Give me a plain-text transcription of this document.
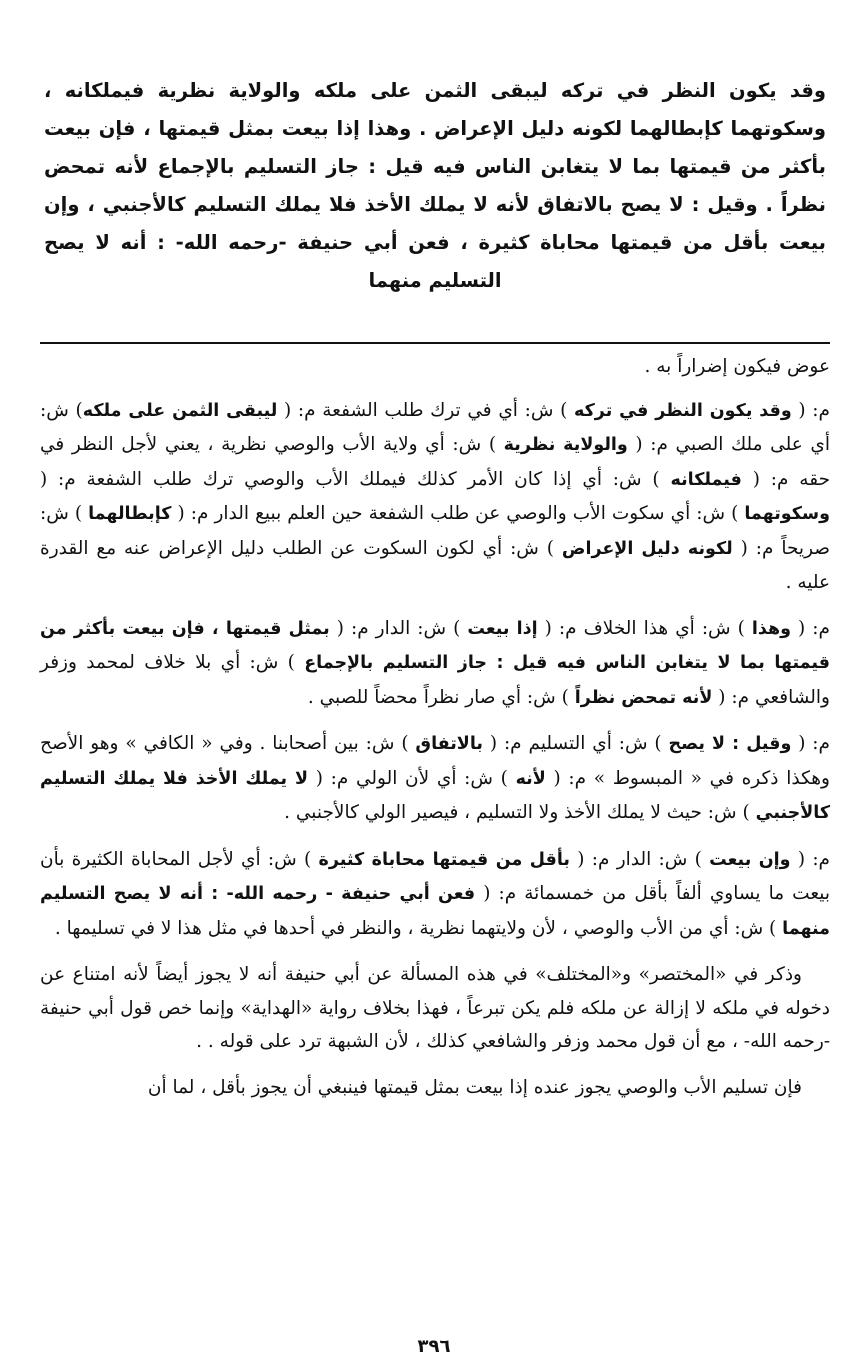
وقد يكون النظر في تركه ليبقى الثمن على ملكه والولاية نظرية فيملكانه ، وسكوتهما كإبطالهما لكونه دليل الإعراض . وهذا إذا بيعت بمثل قيمتها ، فإن بيعت بأكثر من قيمتها بما لا يتغابن الناس فيه قيل : جاز التسليم بالإجماع لأنه تمحض نظراً . وقيل : لا يصح بالاتفاق لأنه لا يملك الأخذ فلا يملك التسليم كالأجنبي ، وإن بيعت بأقل من قيمتها محاباة كثيرة ، فعن أبي حنيفة -رحمه الله- : أنه لا يصح التسليم منهما

عوض فيكون إضراراً به .

م: ( وقد يكون النظر في تركه ) ش: أي في ترك طلب الشفعة م: ( ليبقى الثمن على ملكه) ش: أي على ملك الصبي م: ( والولاية نظرية ) ش: أي ولاية الأب والوصي نظرية ، يعني لأجل النظر في حقه م: ( فيملكانه ) ش: أي إذا كان الأمر كذلك فيملك الأب والوصي ترك طلب الشفعة م: ( وسكوتهما ) ش: أي سكوت الأب والوصي عن طلب الشفعة حين العلم ببيع الدار م: ( كإبطالهما ) ش: صريحاً م: ( لكونه دليل الإعراض ) ش: أي لكون السكوت عن الطلب دليل الإعراض عنه مع القدرة عليه .

م: ( وهذا ) ش: أي هذا الخلاف م: ( إذا بيعت ) ش: الدار م: ( بمثل قيمتها ، فإن بيعت بأكثر من قيمتها بما لا يتغابن الناس فيه قيل : جاز التسليم بالإجماع ) ش: أي بلا خلاف لمحمد وزفر والشافعي م: ( لأنه تمحض نظراً ) ش: أي صار نظراً محضاً للصبي .

م: ( وقيل : لا يصح ) ش: أي التسليم م: ( بالاتفاق ) ش: بين أصحابنا . وفي « الكافي » وهو الأصح وهكذا ذكره في « المبسوط » م: ( لأنه ) ش: أي لأن الولي م: ( لا يملك الأخذ فلا يملك التسليم كالأجنبي ) ش: حيث لا يملك الأخذ ولا التسليم ، فيصير الولي كالأجنبي .

م: ( وإن بيعت ) ش: الدار م: ( بأقل من قيمتها محاباة كثيرة ) ش: أي لأجل المحاباة الكثيرة بأن بيعت ما يساوي ألفاً بأقل من خمسمائة م: ( فعن أبي حنيفة - رحمه الله- : أنه لا يصح التسليم منهما ) ش: أي من الأب والوصي ، لأن ولايتهما نظرية ، والنظر في أحدها في مثل هذا لا في تسليمها .

وذكر في «المختصر» و«المختلف» في هذه المسألة عن أبي حنيفة أنه لا يجوز أيضاً لأنه امتناع عن دخوله في ملكه لا إزالة عن ملكه فلم يكن تبرعاً ، فهذا بخلاف رواية «الهداية» وإنما خص قول أبي حنيفة -رحمه الله- ، مع أن قول محمد وزفر والشافعي كذلك ، لأن الشبهة ترد على قوله . .

فإن تسليم الأب والوصي يجوز عنده إذا بيعت بمثل قيمتها فينبغي أن يجوز بأقل ، لما أن

٣٩٦
